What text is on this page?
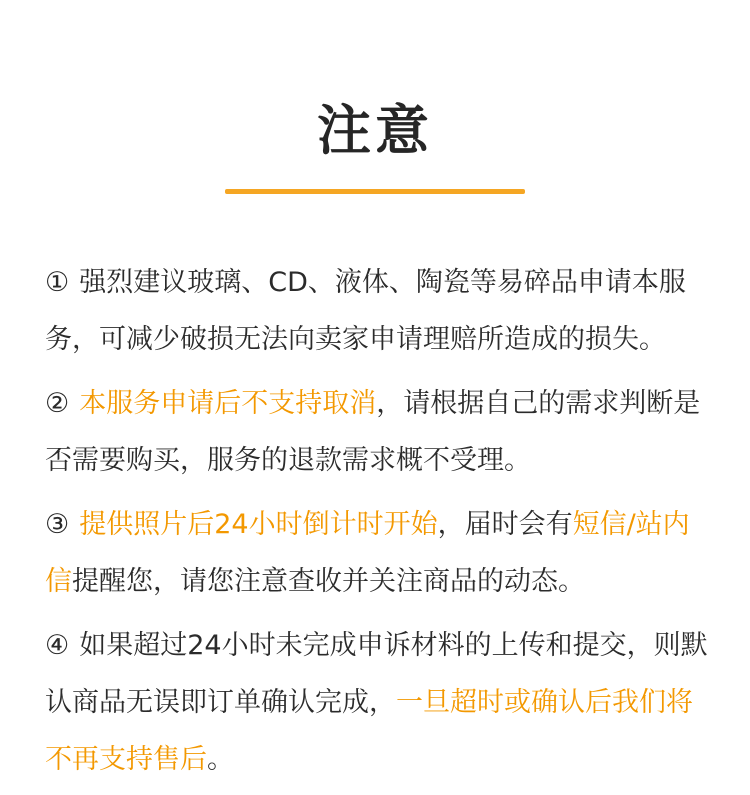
注意

① 强烈建议玻璃、CD、液体、陶瓷等易碎品申请本服务，可减少破损无法向卖家申请理赔所造成的损失。

② 本服务申请后不支持取消，请根据自己的需求判断是否需要购买，服务的退款需求概不受理。

③ 提供照片后24小时倒计时开始，届时会有短信/站内信提醒您，请您注意查收并关注商品的动态。

④ 如果超过24小时未完成申诉材料的上传和提交，则默认商品无误即订单确认完成，一旦超时或确认后我们将不再支持售后。
